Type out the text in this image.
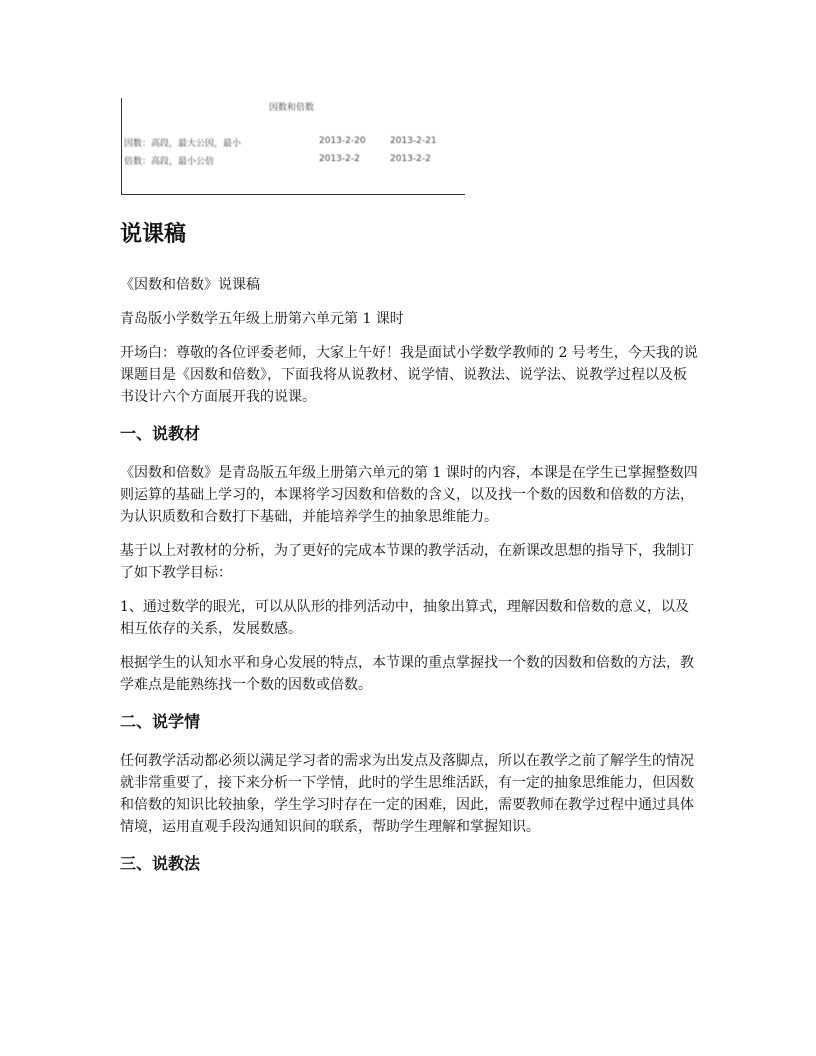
因数和倍数
因数：高段，最大公因，最小	2013-2-20	2013-2-21
倍数：高段，最小公倍	2013-2-2	2013-2-2
说课稿

《因数和倍数》说课稿

青岛版小学数学五年级上册第六单元第 1 课时

开场白：尊敬的各位评委老师，大家上午好！我是面试小学数学教师的 2 号考生，今天我的说课题目是《因数和倍数》，下面我将从说教材、说学情、说教法、说学法、说教学过程以及板书设计六个方面展开我的说课。

一、说教材

《因数和倍数》是青岛版五年级上册第六单元的第 1 课时的内容，本课是在学生已掌握整数四则运算的基础上学习的，本课将学习因数和倍数的含义，以及找一个数的因数和倍数的方法，为认识质数和合数打下基础，并能培养学生的抽象思维能力。

基于以上对教材的分析，为了更好的完成本节课的教学活动，在新课改思想的指导下，我制订了如下教学目标：

1、通过数学的眼光，可以从队形的排列活动中，抽象出算式，理解因数和倍数的意义，以及相互依存的关系，发展数感。

根据学生的认知水平和身心发展的特点，本节课的重点掌握找一个数的因数和倍数的方法，教学难点是能熟练找一个数的因数或倍数。

二、说学情

任何教学活动都必须以满足学习者的需求为出发点及落脚点，所以在教学之前了解学生的情况就非常重要了，接下来分析一下学情，此时的学生思维活跃，有一定的抽象思维能力，但因数和倍数的知识比较抽象，学生学习时存在一定的困难，因此，需要教师在教学过程中通过具体情境，运用直观手段沟通知识间的联系，帮助学生理解和掌握知识。

三、说教法
